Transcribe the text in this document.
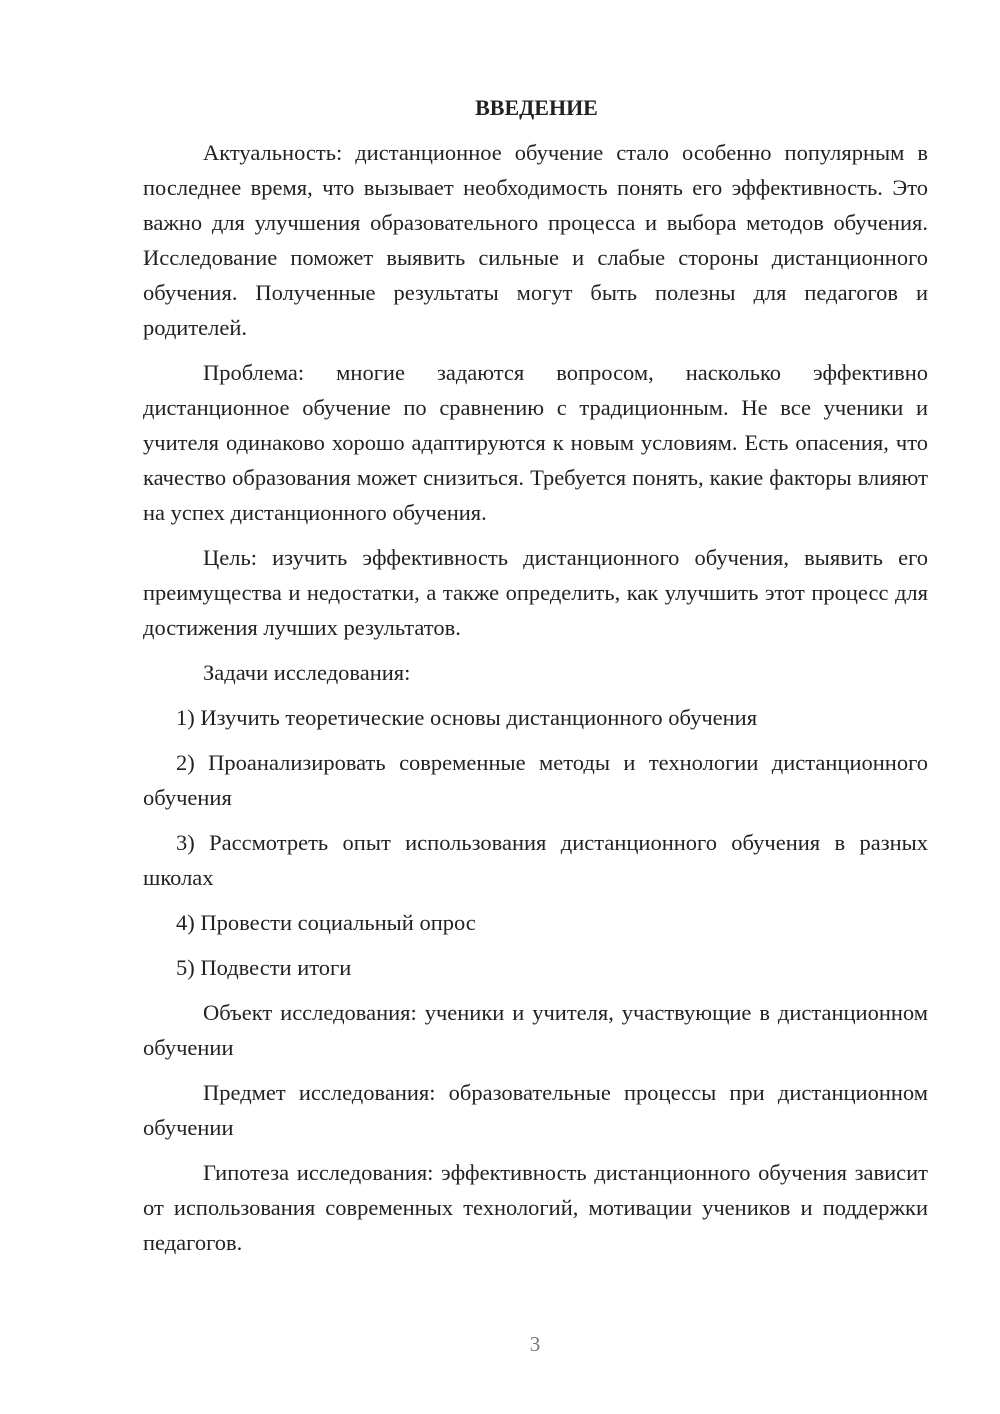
ВВЕДЕНИЕ

Актуальность: дистанционное обучение стало особенно популярным в последнее время, что вызывает необходимость понять его эффективность. Это важно для улучшения образовательного процесса и выбора методов обучения. Исследование поможет выявить сильные и слабые стороны дистанционного обучения. Полученные результаты могут быть полезны для педагогов и родителей.

Проблема: многие задаются вопросом, насколько эффективно дистанционное обучение по сравнению с традиционным. Не все ученики и учителя одинаково хорошо адаптируются к новым условиям. Есть опасения, что качество образования может снизиться. Требуется понять, какие факторы влияют на успех дистанционного обучения.

Цель: изучить эффективность дистанционного обучения, выявить его преимущества и недостатки, а также определить, как улучшить этот процесс для достижения лучших результатов.

Задачи исследования:

1) Изучить теоретические основы дистанционного обучения

2) Проанализировать современные методы и технологии дистанционного обучения

3) Рассмотреть опыт использования дистанционного обучения в разных школах

4) Провести социальный опрос

5) Подвести итоги

Объект исследования: ученики и учителя, участвующие в дистанционном обучении

Предмет исследования: образовательные процессы при дистанционном обучении

Гипотеза исследования: эффективность дистанционного обучения зависит от использования современных технологий, мотивации учеников и поддержки педагогов.

3
